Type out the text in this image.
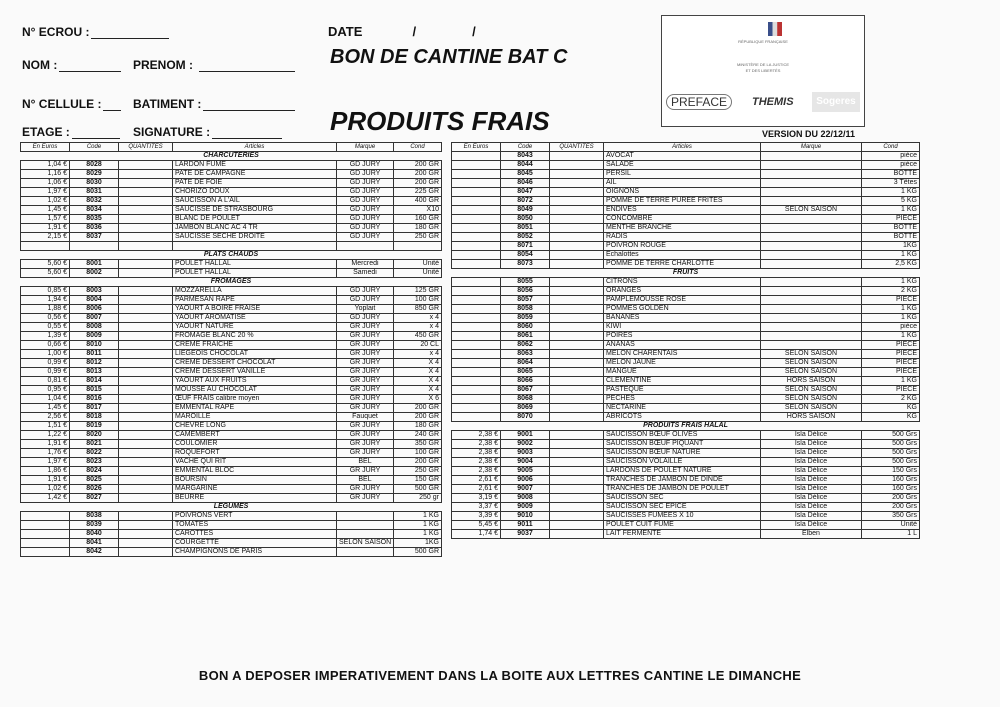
N° ECROU :
NOM :	PRENOM :
N° CELLULE :	BATIMENT :
ETAGE :	SIGNATURE :
DATE	/	/
BON DE CANTINE BAT C
PRODUITS FRAIS	VERSION DU 22/12/11
RÉPUBLIQUE FRANÇAISE
MINISTÈRE DE LA JUSTICE
ET DES LIBERTÉS
PREFACE	THEMIS	Sogeres
En Euros	Code	QUANTITES	Articles	Marque	Cond
CHARCUTERIES					
1,04 €	8028		LARDON FUME	GD JURY	200 GR
1,16 €	8029		PATE DE CAMPAGNE	GD JURY	200 GR
1,06 €	8030		PATE DE FOIE	GD JURY	200 GR
1,97 €	8031		CHORIZO DOUX	GD JURY	225 GR
1,02 €	8032		SAUCISSON A L'AIL	GD JURY	400 GR
1,45 €	8034		SAUCISSE DE STRASBOURG	GD JURY	X10
1,57 €	8035		BLANC DE POULET	GD JURY	160 GR
1,91 €	8036		JAMBON BLANC AC 4 TR	GD JURY	180 GR
2,15 €	8037		SAUCISSE SECHE DROITE	GD JURY	250 GR

PLATS CHAUDS					
5,60 €	8001		POULET HALLAL	Mercredi	Unité
5,60 €	8002		POULET HALLAL	Samedi	Unité
FROMAGES					
0,85 €	8003		MOZZARELLA	GD JURY	125 GR
1,94 €	8004		PARMESAN RAPE	GD JURY	100 GR
1,88 €	8006		YAOURT A BOIRE FRAISE	Yoplait	850 GR
0,56 €	8007		YAOURT AROMATISE	GD JURY	x 4
0,55 €	8008		YAOURT NATURE	GR JURY	x 4
1,39 €	8009		FROMAGE BLANC 20 %	GR JURY	450 GR
0,66 €	8010		CREME FRAICHE	GR JURY	20 CL
1,00 €	8011		LIEGEOIS CHOCOLAT	GR JURY	x 4
0,99 €	8012		CREME DESSERT CHOCOLAT	GR JURY	X 4
0,99 €	8013		CREME DESSERT VANILLE	GR JURY	X 4
0,81 €	8014		YAOURT AUX FRUITS	GR JURY	X 4
0,95 €	8015		MOUSSE AU CHOCOLAT	GR JURY	X 4
1,04 €	8016		ŒUF FRAIS calibre moyen	GR JURY	X 6
1,45 €	8017		EMMENTAL RAPE	GR JURY	200 GR
2,56 €	8018		MAROILLE	Fauquet	200 GR
1,51 €	8019		CHEVRE LONG	GR JURY	180 GR
1,22 €	8020		CAMEMBERT	GR JURY	240 GR
1,91 €	8021		COULOMIER	GR JURY	350 GR
1,76 €	8022		ROQUEFORT	GR JURY	100 GR
1,97 €	8023		VACHE QUI RIT	BEL	200 GR
1,86 €	8024		EMMENTAL BLOC	GR JURY	250 GR
1,91 €	8025		BOURSIN	BEL	150 GR
1,02 €	8026		MARGARINE	GR JURY	500 GR
1,42 €	8027		BEURRE	GR JURY	250 gr
LEGUMES					
	8038		POIVRONS VERT		1 KG
	8039		TOMATES		1 KG
	8040		CAROTTES		1 KG
	8041		COURGETTE	SELON SAISON	1KG
	8042		CHAMPIGNONS DE PARIS		500 GR
En Euros	Code	QUANTITES	Articles	Marque	Cond
	8043		AVOCAT		pièce
	8044		SALADE		pièce
	8045		PERSIL		BOTTE
	8046		AIL		3 Têtes
	8047		OIGNONS		1 KG
	8072		POMME DE TERRE PUREE FRITES		5 KG
	8049		ENDIVES	SELON SAISON	1 KG
	8050		CONCOMBRE		PIECE
	8051		MENTHE BRANCHE		BOTTE
	8052		RADIS		BOTTE
	8071		POIVRON ROUGE		1KG
	8054		Echalottes		1 KG
	8073		POMME DE TERRE CHARLOTTE		2,5 KG
FRUITS					
	8055		CITRONS		1 KG
	8056		ORANGES		2 KG
	8057		PAMPLEMOUSSE ROSE		PIECE
	8058		POMMES GOLDEN		1 KG
	8059		BANANES		1 KG
	8060		KIWI		pièce
	8061		POIRES		1 KG
	8062		ANANAS		PIECE
	8063		MELON CHARENTAIS	SELON SAISON	PIECE
	8064		MELON JAUNE	SELON SAISON	PIECE
	8065		MANGUE	SELON SAISON	PIECE
	8066		CLEMENTINE	HORS SAISON	1 KG
	8067		PASTEQUE	SELON SAISON	PIECE
	8068		PECHES	SELON SAISON	2 KG
	8069		NECTARINE	SELON SAISON	KG
	8070		ABRICOTS	HORS SAISON	KG
PRODUITS FRAIS HALAL					
2,38 €	9001		SAUCISSON BŒUF OLIVES	Isla Délice	500 Grs
2,38 €	9002		SAUCISSON BŒUF PIQUANT	Isla Délice	500 Grs
2,38 €	9003		SAUCISSON BŒUF NATURE	Isla Délice	500 Grs
2,38 €	9004		SAUCISSON VOLAILLE	Isla Délice	500 Grs
2,38 €	9005		LARDONS DE POULET NATURE	Isla Délice	150 Grs
2,61 €	9006		TRANCHES DE JAMBON DE DINDE	Isla Délice	160 Grs
2,61 €	9007		TRANCHES DE JAMBON DE POULET	Isla Délice	160 Grs
3,19 €	9008		SAUCISSON SEC	Isla Délice	200 Grs
3,37 €	9009		SAUCISSON SEC EPICE	Isla Délice	200 Grs
3,39 €	9010		SAUCISSES FUMEES X 10	Isla Délice	350 Grs
5,45 €	9011		POULET CUIT FUME	Isla Délice	Unité
1,74 €	9037		LAIT FERMENTE	Elben	1 L
BON A DEPOSER IMPERATIVEMENT DANS LA BOITE AUX LETTRES CANTINE LE DIMANCHE
